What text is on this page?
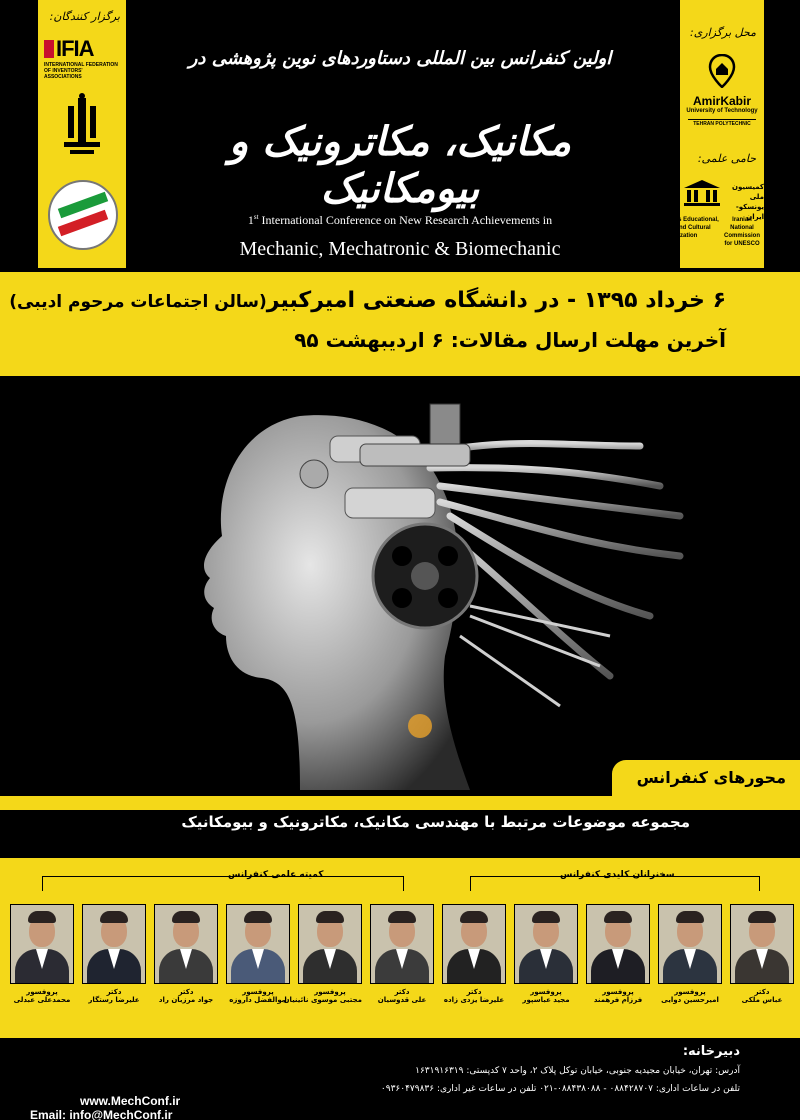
برگزار کنندگان:
IFIA
INTERNATIONAL FEDERATION OF INVENTORS' ASSOCIATIONS
محل برگزاری:
AmirKabir
University of Technology
TEHRAN POLYTECHNIC
حامی علمی:
کمیسیون ملی یونسکو-ایران
United Nations Educational, Scientific and Cultural Organization
Iranian National Commission for UNESCO
اولین کنفرانس بین المللی دستاوردهای نوین پژوهشی در
مکانیک، مکاترونیک و بیومکانیک
1st International Conference on New Research Achievements in
Mechanic, Mechatronic & Biomechanic
۶ خرداد ۱۳۹۵ - در دانشگاه صنعتی امیرکبیر(سالن اجتماعات مرحوم ادیبی)
آخرین مهلت ارسال مقالات: ۶ اردیبهشت ۹۵
محورهای کنفرانس
مجموعه موضوعات مرتبط با مهندسی مکانیک، مکاترونیک و بیومکانیک
کمیته علمی کنفرانس	سخنرانان کلیدی کنفرانس
پروفسور
محمدعلی عبدلی
دکتر
علیرضا رستگار
دکتر
جواد مرزبان راد
پروفسور
ابوالفضل داروزه
پروفسور
مجتبی موسوی نائینیان
دکتر
علی قدوسیان
دکتر
علیرضا یزدی زاده
پروفسور
مجید عباسپور
پروفسور
فرزام فرهمند
پروفسور
امیرحسین دوایی
دکتر
عباس ملکی
دبیرخانه:
آدرس: تهران، خیابان مجیدیه جنوبی، خیابان توکل پلاک ۲، واحد ۷ کد‌پستی: ۱۶۳۱۹۱۶۳۱۹
تلفن در ساعات اداری: ۰۸۸۴۲۸۷۰۷ - ۰۸۸۴۳۸۰۸۸-۰۲۱ تلفن در ساعات غیر اداری: ۰۹۳۶۰۴۷۹۸۳۶
www.MechConf.ir
Email: info@MechConf.ir
